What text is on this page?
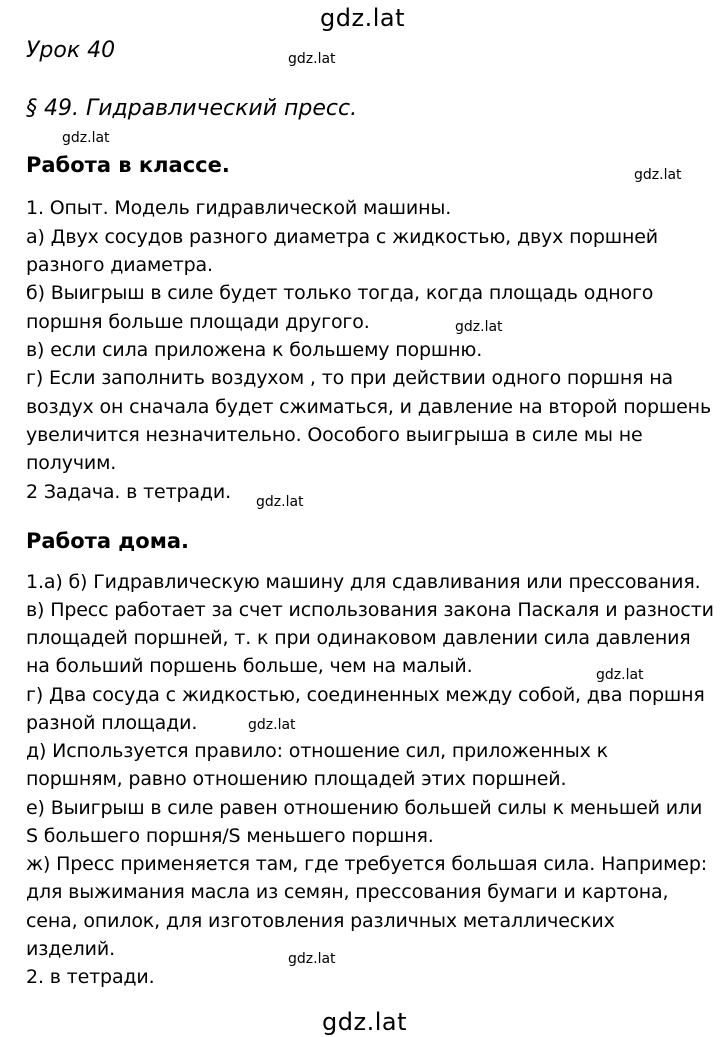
gdz.lat
gdz.lat
gdz.lat
gdz.lat
gdz.lat
gdz.lat
gdz.lat
gdz.lat
gdz.lat
gdz.lat
Урок 40
§ 49. Гидравлический пресс.
Работа в классе.
1. Опыт. Модель гидравлической машины.
а) Двух сосудов разного диаметра с жидкостью, двух поршней
разного диаметра.
б) Выигрыш в силе будет только тогда, когда площадь одного
поршня больше площади другого.
в) если сила приложена к большему поршню.
г) Если заполнить воздухом , то при действии одного поршня на
воздух он сначала будет сжиматься, и давление на второй поршень
увеличится незначительно. Оособого выигрыша в силе мы не
получим.
2 Задача. в тетради.
Работа дома.
1.а) б) Гидравлическую машину для сдавливания или прессования.
в) Пресс работает за счет использования закона Паскаля и разности
площадей поршней, т. к при одинаковом давлении сила давления
на больший поршень больше, чем на малый.
г) Два сосуда с жидкостью, соединенных между собой, два поршня
разной площади.
д) Используется правило: отношение сил, приложенных к
поршням, равно отношению площадей этих поршней.
е) Выигрыш в силе равен отношению большей силы к меньшей или
S большего поршня/S меньшего поршня.
ж) Пресс применяется там, где требуется большая сила. Например:
для выжимания масла из семян, прессования бумаги и картона,
сена, опилок, для изготовления различных металлических
изделий.
2. в тетради.
